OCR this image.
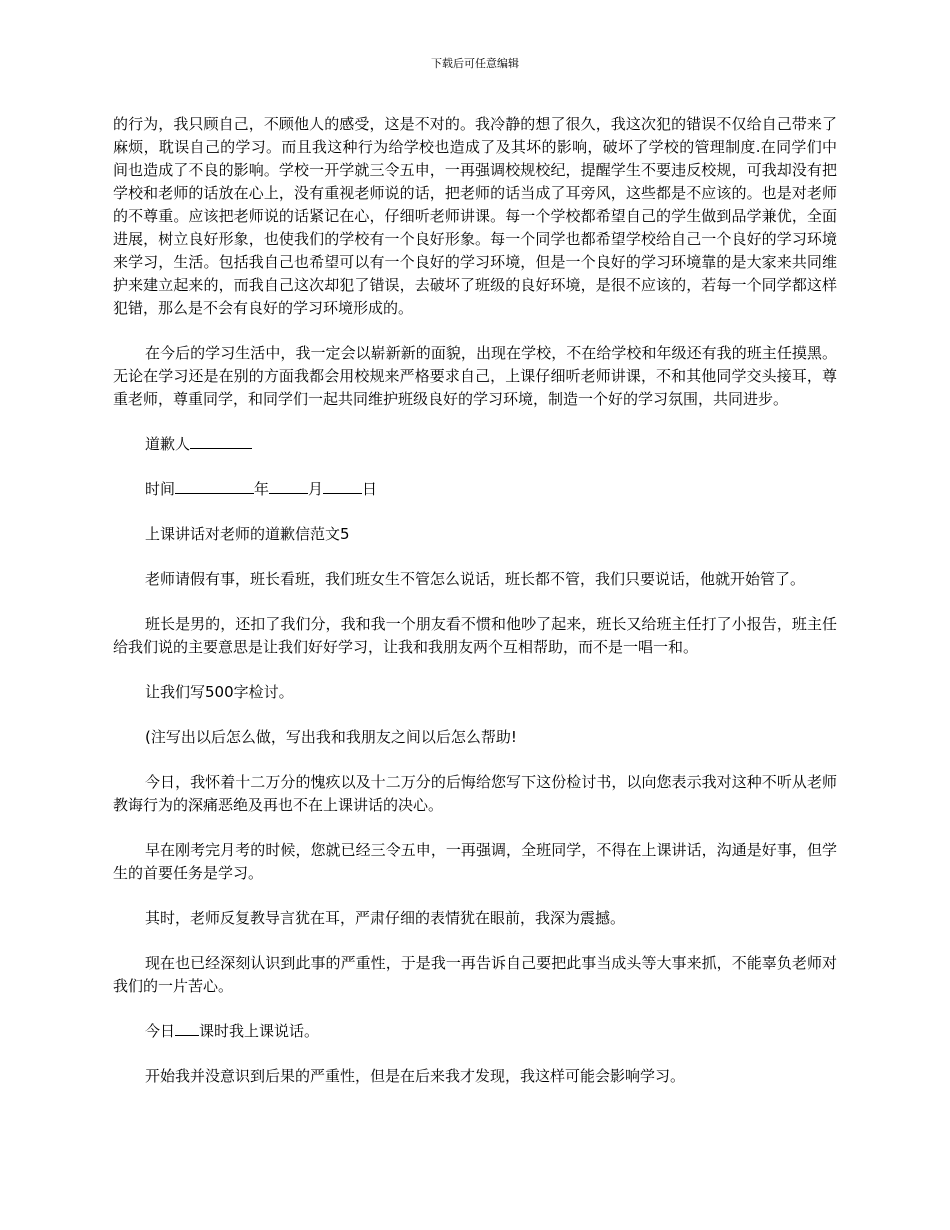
下载后可任意编辑

的行为，我只顾自己，不顾他人的感受，这是不对的。我冷静的想了很久，我这次犯的错误不仅给自己带来了麻烦，耽误自己的学习。而且我这种行为给学校也造成了及其坏的影响，破坏了学校的管理制度.在同学们中间也造成了不良的影响。学校一开学就三令五申，一再强调校规校纪，提醒学生不要违反校规，可我却没有把学校和老师的话放在心上，没有重视老师说的话，把老师的话当成了耳旁风，这些都是不应该的。也是对老师的不尊重。应该把老师说的话紧记在心，仔细听老师讲课。每一个学校都希望自己的学生做到品学兼优，全面进展，树立良好形象，也使我们的学校有一个良好形象。每一个同学也都希望学校给自己一个良好的学习环境来学习，生活。包括我自己也希望可以有一个良好的学习环境，但是一个良好的学习环境靠的是大家来共同维护来建立起来的，而我自己这次却犯了错误，去破坏了班级的良好环境，是很不应该的，若每一个同学都这样犯错，那么是不会有良好的学习环境形成的。

在今后的学习生活中，我一定会以崭新新的面貌，出现在学校，不在给学校和年级还有我的班主任摸黑。无论在学习还是在别的方面我都会用校规来严格要求自己，上课仔细听老师讲课，不和其他同学交头接耳，尊重老师，尊重同学，和同学们一起共同维护班级良好的学习环境，制造一个好的学习氛围，共同进步。

道歉人

时间	年	月	日

上课讲话对老师的道歉信范文5

老师请假有事，班长看班，我们班女生不管怎么说话，班长都不管，我们只要说话，他就开始管了。

班长是男的，还扣了我们分，我和我一个朋友看不惯和他吵了起来，班长又给班主任打了小报告，班主任给我们说的主要意思是让我们好好学习，让我和我朋友两个互相帮助，而不是一唱一和。

让我们写500字检讨。

(注写出以后怎么做，写出我和我朋友之间以后怎么帮助!

今日，我怀着十二万分的愧疚以及十二万分的后悔给您写下这份检讨书，以向您表示我对这种不听从老师教诲行为的深痛恶绝及再也不在上课讲话的决心。

早在刚考完月考的时候，您就已经三令五申，一再强调，全班同学，不得在上课讲话，沟通是好事，但学生的首要任务是学习。

其时，老师反复教导言犹在耳，严肃仔细的表情犹在眼前，我深为震撼。

现在也已经深刻认识到此事的严重性，于是我一再告诉自己要把此事当成头等大事来抓，不能辜负老师对我们的一片苦心。

今日 课时我上课说话。

开始我并没意识到后果的严重性，但是在后来我才发现，我这样可能会影响学习。
